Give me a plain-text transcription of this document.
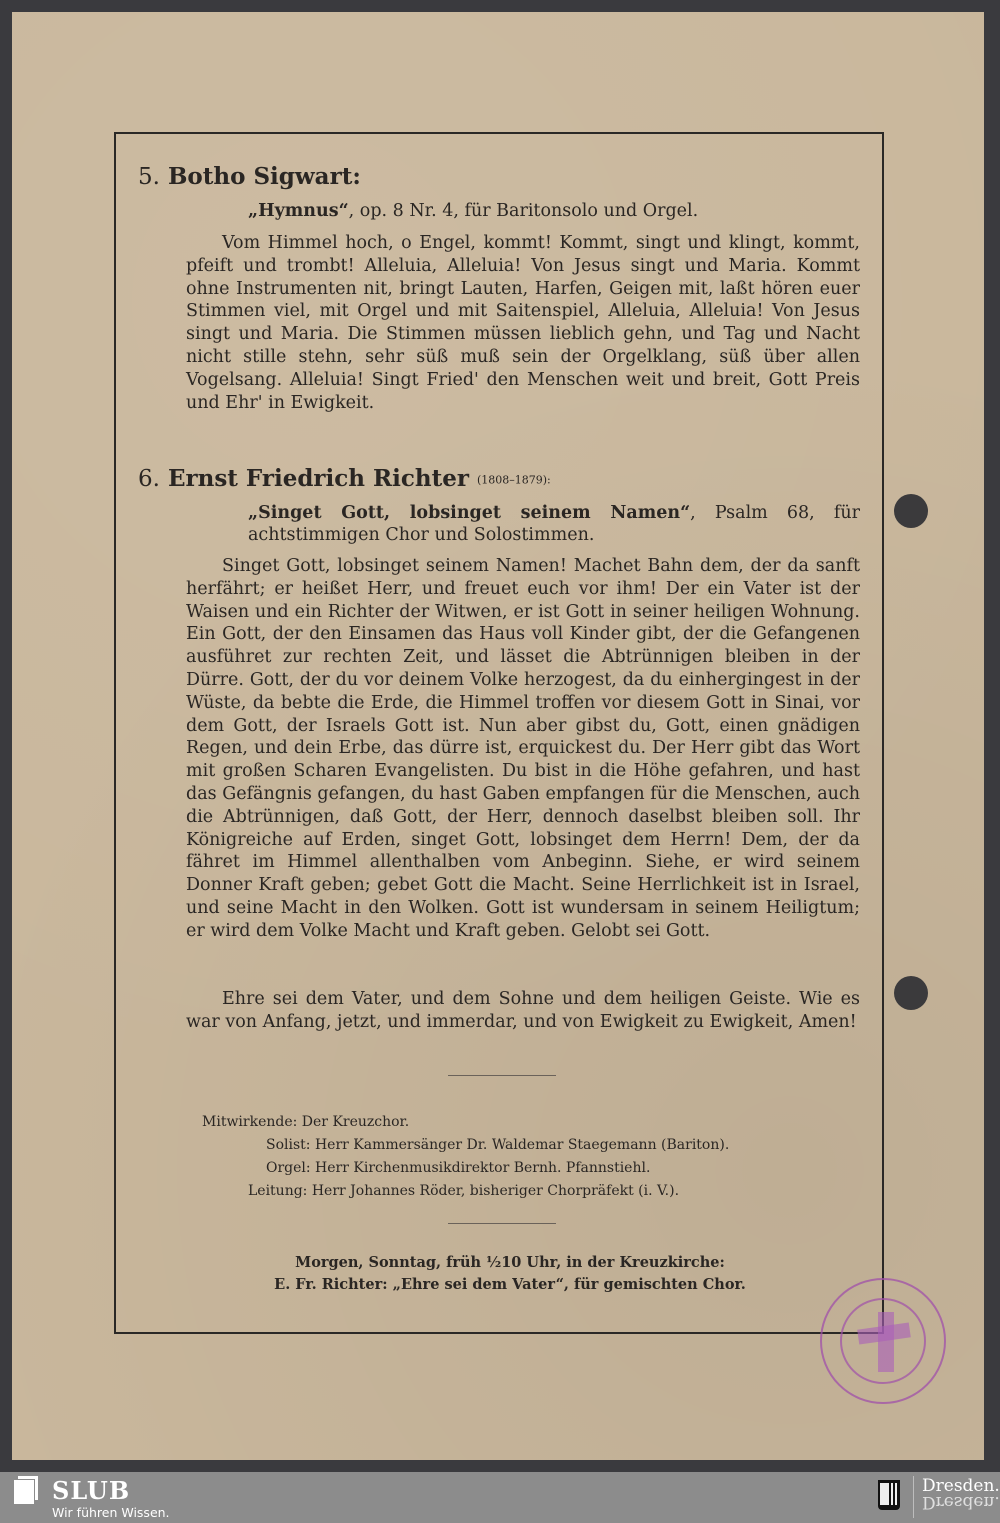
5. Botho Sigwart:
„Hymnus“, op. 8 Nr. 4, für Baritonsolo und Orgel.
Vom Himmel hoch, o Engel, kommt! Kommt, singt und klingt, kommt, pfeift und trombt! Alleluia, Alleluia! Von Jesus singt und Maria. Kommt ohne Instrumenten nit, bringt Lauten, Harfen, Geigen mit, laßt hören euer Stimmen viel, mit Orgel und mit Saitenspiel, Alleluia, Alleluia! Von Jesus singt und Maria. Die Stimmen müssen lieblich gehn, und Tag und Nacht nicht stille stehn, sehr süß muß sein der Orgelklang, süß über allen Vogelsang. Alleluia! Singt Fried' den Menschen weit und breit, Gott Preis und Ehr' in Ewigkeit.
6. Ernst Friedrich Richter (1808–1879):
„Singet Gott, lobsinget seinem Namen“, Psalm 68, für achtstimmigen Chor und Solostimmen.
Singet Gott, lobsinget seinem Namen! Machet Bahn dem, der da sanft herfährt; er heißet Herr, und freuet euch vor ihm! Der ein Vater ist der Waisen und ein Richter der Witwen, er ist Gott in seiner heiligen Wohnung. Ein Gott, der den Einsamen das Haus voll Kinder gibt, der die Gefangenen ausführet zur rechten Zeit, und lässet die Abtrünnigen bleiben in der Dürre. Gott, der du vor deinem Volke herzogest, da du einhergingest in der Wüste, da bebte die Erde, die Himmel troffen vor diesem Gott in Sinai, vor dem Gott, der Israels Gott ist. Nun aber gibst du, Gott, einen gnädigen Regen, und dein Erbe, das dürre ist, erquickest du. Der Herr gibt das Wort mit großen Scharen Evangelisten. Du bist in die Höhe gefahren, und hast das Gefängnis gefangen, du hast Gaben empfangen für die Menschen, auch die Abtrünnigen, daß Gott, der Herr, dennoch daselbst bleiben soll. Ihr Königreiche auf Erden, singet Gott, lobsinget dem Herrn! Dem, der da fähret im Himmel allenthalben vom Anbeginn. Siehe, er wird seinem Donner Kraft geben; gebet Gott die Macht. Seine Herrlichkeit ist in Israel, und seine Macht in den Wolken. Gott ist wundersam in seinem Heiligtum; er wird dem Volke Macht und Kraft geben. Gelobt sei Gott.
Ehre sei dem Vater, und dem Sohne und dem heiligen Geiste. Wie es war von Anfang, jetzt, und immerdar, und von Ewigkeit zu Ewigkeit, Amen!
Mitwirkende: Der Kreuzchor.
Solist: Herr Kammersänger Dr. Waldemar Staegemann (Bariton).
Orgel: Herr Kirchenmusikdirektor Bernh. Pfannstiehl.
Leitung: Herr Johannes Röder, bisheriger Chorpräfekt (i. V.).
Morgen, Sonntag, früh ½10 Uhr, in der Kreuzkirche:
E. Fr. Richter: „Ehre sei dem Vater“, für gemischten Chor.
SLUB
Wir führen Wissen.
Dresden.
Dresden.
